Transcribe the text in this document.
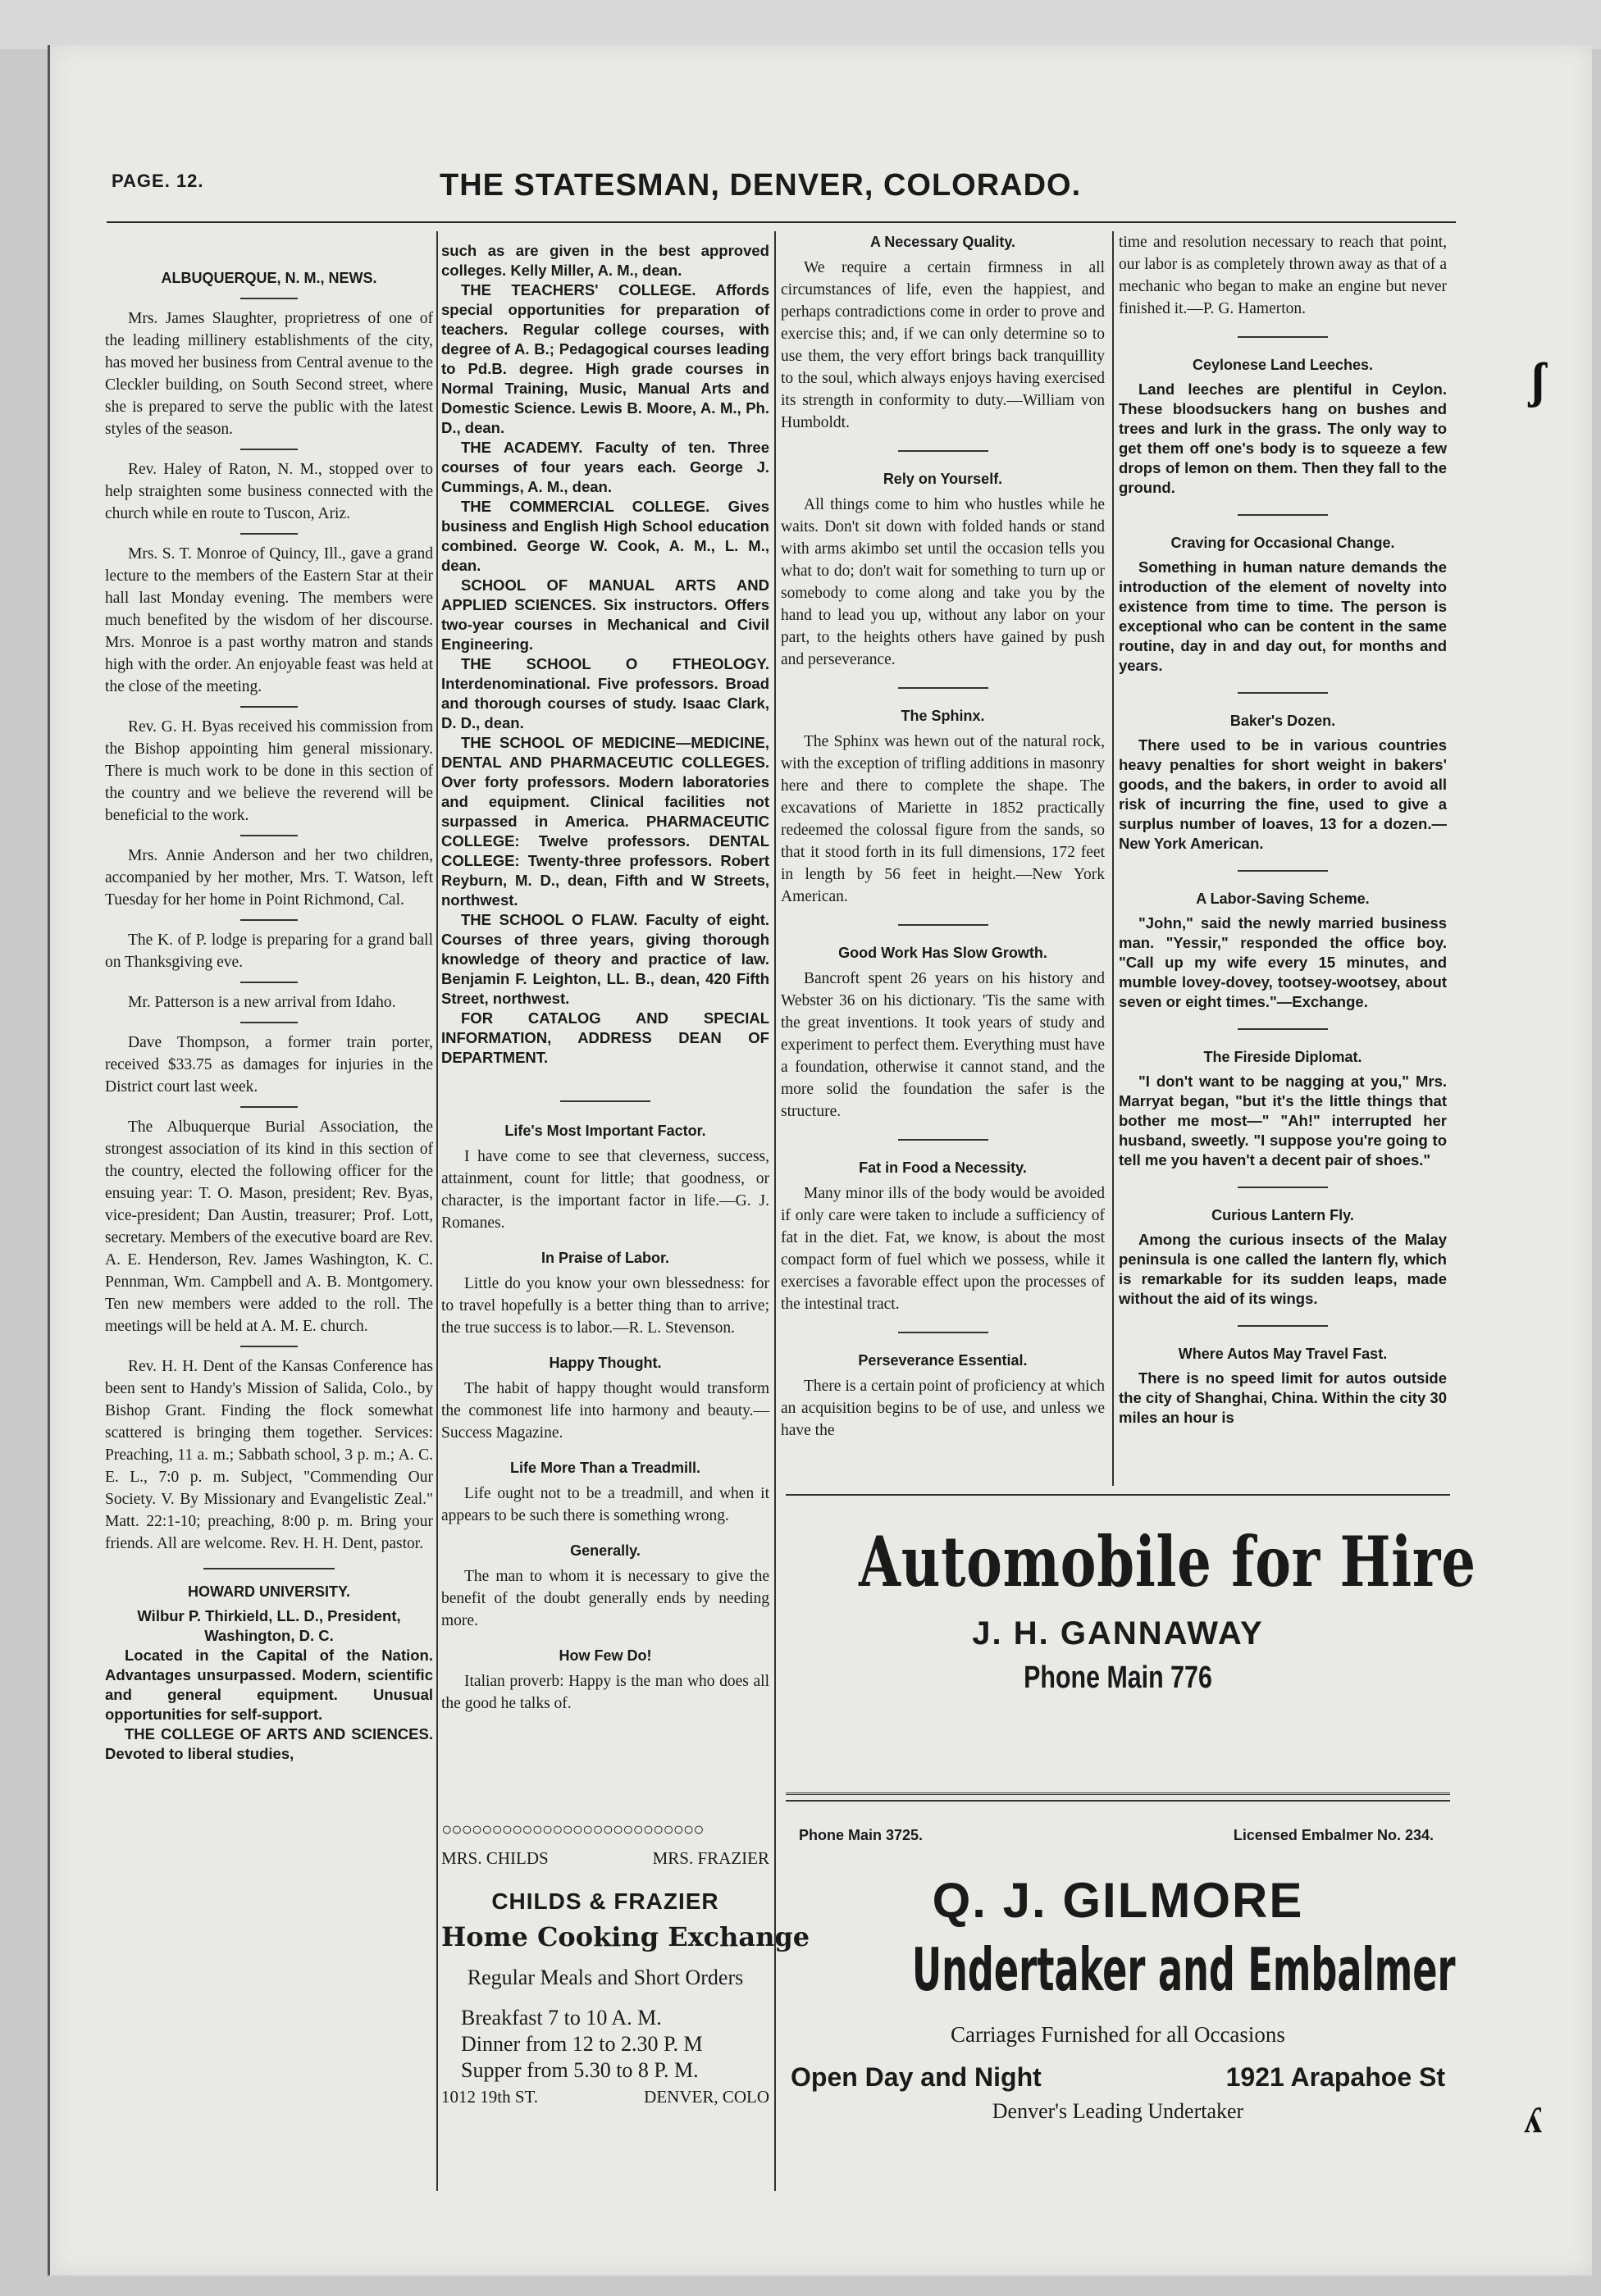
PAGE. 12.	THE STATESMAN, DENVER, COLORADO.
ALBUQUERQUE, N. M., NEWS.

Mrs. James Slaughter, proprietress of one of the leading millinery establishments of the city, has moved her business from Central avenue to the Cleckler building, on South Second street, where she is prepared to serve the public with the latest styles of the season.

Rev. Haley of Raton, N. M., stopped over to help straighten some business connected with the church while en route to Tuscon, Ariz.

Mrs. S. T. Monroe of Quincy, Ill., gave a grand lecture to the members of the Eastern Star at their hall last Monday evening. The members were much benefited by the wisdom of her discourse. Mrs. Monroe is a past worthy matron and stands high with the order. An enjoyable feast was held at the close of the meeting.

Rev. G. H. Byas received his commission from the Bishop appointing him general missionary. There is much work to be done in this section of the country and we believe the reverend will be beneficial to the work.

Mrs. Annie Anderson and her two children, accompanied by her mother, Mrs. T. Watson, left Tuesday for her home in Point Richmond, Cal.

The K. of P. lodge is preparing for a grand ball on Thanksgiving eve.

Mr. Patterson is a new arrival from Idaho.

Dave Thompson, a former train porter, received $33.75 as damages for injuries in the District court last week.

The Albuquerque Burial Association, the strongest association of its kind in this section of the country, elected the following officer for the ensuing year: T. O. Mason, president; Rev. Byas, vice-president; Dan Austin, treasurer; Prof. Lott, secretary. Members of the executive board are Rev. A. E. Henderson, Rev. James Washington, K. C. Pennman, Wm. Campbell and A. B. Montgomery. Ten new members were added to the roll. The meetings will be held at A. M. E. church.

Rev. H. H. Dent of the Kansas Conference has been sent to Handy's Mission of Salida, Colo., by Bishop Grant. Finding the flock somewhat scattered is bringing them together. Services: Preaching, 11 a. m.; Sabbath school, 3 p. m.; A. C. E. L., 7:0 p. m. Subject, "Commending Our Society. V. By Missionary and Evangelistic Zeal." Matt. 22:1-10; preaching, 8:00 p. m. Bring your friends. All are welcome. Rev. H. H. Dent, pastor.

HOWARD UNIVERSITY.
Wilbur P. Thirkield, LL. D., President, Washington, D. C.
Located in the Capital of the Nation. Advantages unsurpassed. Modern, scientific and general equipment. Unusual opportunities for self-support.
THE COLLEGE OF ARTS AND SCIENCES. Devoted to liberal studies,
such as are given in the best approved colleges. Kelly Miller, A. M., dean.
THE TEACHERS' COLLEGE. Affords special opportunities for preparation of teachers. Regular college courses, with degree of A. B.; Pedagogical courses leading to Pd.B. degree. High grade courses in Normal Training, Music, Manual Arts and Domestic Science. Lewis B. Moore, A. M., Ph. D., dean.
THE ACADEMY. Faculty of ten. Three courses of four years each. George J. Cummings, A. M., dean.
THE COMMERCIAL COLLEGE. Gives business and English High School education combined. George W. Cook, A. M., L. M., dean.
SCHOOL OF MANUAL ARTS AND APPLIED SCIENCES. Six instructors. Offers two-year courses in Mechanical and Civil Engineering.
THE SCHOOL O FTHEOLOGY. Interdenominational. Five professors. Broad and thorough courses of study. Isaac Clark, D. D., dean.
THE SCHOOL OF MEDICINE—MEDICINE, DENTAL AND PHARMACEUTIC COLLEGES. Over forty professors. Modern laboratories and equipment. Clinical facilities not surpassed in America. PHARMACEUTIC COLLEGE: Twelve professors. DENTAL COLLEGE: Twenty-three professors. Robert Reyburn, M. D., dean, Fifth and W Streets, northwest.
THE SCHOOL O FLAW. Faculty of eight. Courses of three years, giving thorough knowledge of theory and practice of law. Benjamin F. Leighton, LL. B., dean, 420 Fifth Street, northwest.
FOR CATALOG AND SPECIAL INFORMATION, ADDRESS DEAN OF DEPARTMENT.
Life's Most Important Factor.

I have come to see that cleverness, success, attainment, count for little; that goodness, or character, is the important factor in life.—G. J. Romanes.

In Praise of Labor.

Little do you know your own blessedness: for to travel hopefully is a better thing than to arrive; the true success is to labor.—R. L. Stevenson.

Happy Thought.

The habit of happy thought would transform the commonest life into harmony and beauty.—Success Magazine.

Life More Than a Treadmill.

Life ought not to be a treadmill, and when it appears to be such there is something wrong.

Generally.

The man to whom it is necessary to give the benefit of the doubt generally ends by needing more.

How Few Do!

Italian proverb: Happy is the man who does all the good he talks of.

○○○○○○○○○○○○○○○○○○○○○○○○○○
MRS. CHILDS	MRS. FRAZIER
CHILDS & FRAZIER
Home Cooking Exchange
Regular Meals and Short Orders
Breakfast 7 to 10 A. M.
Dinner from 12 to 2.30 P. M
Supper from 5.30 to 8 P. M.
1012 19th ST.	DENVER, COLO
A Necessary Quality.

We require a certain firmness in all circumstances of life, even the happiest, and perhaps contradictions come in order to prove and exercise this; and, if we can only determine so to use them, the very effort brings back tranquillity to the soul, which always enjoys having exercised its strength in conformity to duty.—William von Humboldt.

Rely on Yourself.

All things come to him who hustles while he waits. Don't sit down with folded hands or stand with arms akimbo set until the occasion tells you what to do; don't wait for something to turn up or somebody to come along and take you by the hand to lead you up, without any labor on your part, to the heights others have gained by push and perseverance.

The Sphinx.

The Sphinx was hewn out of the natural rock, with the exception of trifling additions in masonry here and there to complete the shape. The excavations of Mariette in 1852 practically redeemed the colossal figure from the sands, so that it stood forth in its full dimensions, 172 feet in length by 56 feet in height.—New York American.

Good Work Has Slow Growth.

Bancroft spent 26 years on his history and Webster 36 on his dictionary. 'Tis the same with the great inventions. It took years of study and experiment to perfect them. Everything must have a foundation, otherwise it cannot stand, and the more solid the foundation the safer is the structure.

Fat in Food a Necessity.

Many minor ills of the body would be avoided if only care were taken to include a sufficiency of fat in the diet. Fat, we know, is about the most compact form of fuel which we possess, while it exercises a favorable effect upon the processes of the intestinal tract.

Perseverance Essential.

There is a certain point of proficiency at which an acquisition begins to be of use, and unless we have the

time and resolution necessary to reach that point, our labor is as completely thrown away as that of a mechanic who began to make an engine but never finished it.—P. G. Hamerton.

Ceylonese Land Leeches.

Land leeches are plentiful in Ceylon. These bloodsuckers hang on bushes and trees and lurk in the grass. The only way to get them off one's body is to squeeze a few drops of lemon on them. Then they fall to the ground.

Craving for Occasional Change.

Something in human nature demands the introduction of the element of novelty into existence from time to time. The person is exceptional who can be content in the same routine, day in and day out, for months and years.

Baker's Dozen.

There used to be in various countries heavy penalties for short weight in bakers' goods, and the bakers, in order to avoid all risk of incurring the fine, used to give a surplus number of loaves, 13 for a dozen.—New York American.

A Labor-Saving Scheme.

"John," said the newly married business man. "Yessir," responded the office boy. "Call up my wife every 15 minutes, and mumble lovey-dovey, tootsey-wootsey, about seven or eight times."—Exchange.

The Fireside Diplomat.

"I don't want to be nagging at you," Mrs. Marryat began, "but it's the little things that bother me most—" "Ah!" interrupted her husband, sweetly. "I suppose you're going to tell me you haven't a decent pair of shoes."

Curious Lantern Fly.

Among the curious insects of the Malay peninsula is one called the lantern fly, which is remarkable for its sudden leaps, made without the aid of its wings.

Where Autos May Travel Fast.

There is no speed limit for autos outside the city of Shanghai, China. Within the city 30 miles an hour is

Automobile for Hire
J. H. GANNAWAY
Phone Main 776
Phone Main 3725.	Licensed Embalmer No. 234.
Q. J. GILMORE
Undertaker and Embalmer
Carriages Furnished for all Occasions
Open Day and Night	1921 Arapahoe St
Denver's Leading Undertaker
ʃ
ʎ
